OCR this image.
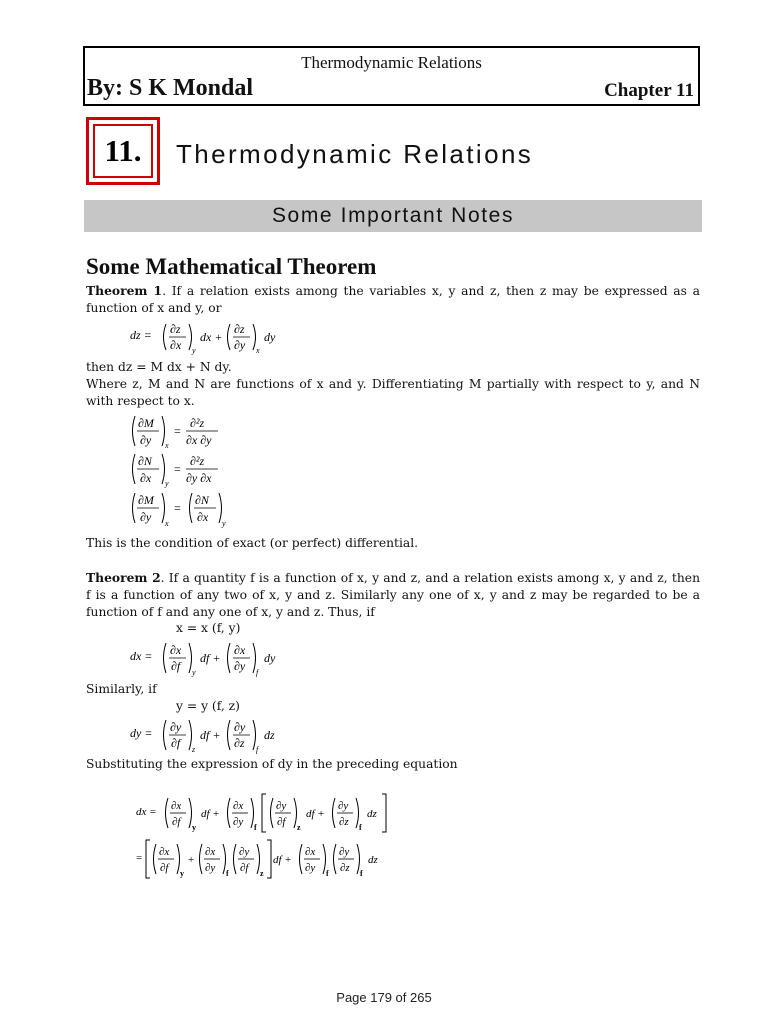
Thermodynamic Relations
By: S K Mondal	Chapter 11
11.	Thermodynamic Relations
Some Important Notes
Some Mathematical Theorem
Theorem 1. If a relation exists among the variables x, y and z, then z may be expressed as a function of x and y, or
dz = ∂z
∂x y
dx +
∂z
∂y x
dy
then dz = M dx + N dy.
Where z, M and N are functions of x and y. Differentiating M partially with respect to y, and N with respect to x.
∂M
∂y x
=
∂²z
∂x ∂y
∂N
∂x y
=
∂²z
∂y ∂x
∂M
∂y x
=
∂N
∂x y
This is the condition of exact (or perfect) differential.
Theorem 2. If a quantity f is a function of x, y and z, and a relation exists among x, y and z, then f is a function of any two of x, y and z. Similarly any one of x, y and z may be regarded to be a function of f and any one of x, y and z. Thus, if
x = x (f, y)
dx = ∂x
∂f y
df +
∂x
∂y f
dy
Similarly, if
y = y (f, z)
dy = ∂y
∂f z
df +
∂y
∂z f
dz
Substituting the expression of dy in the preceding equation
dx = ∂x
∂f y
df +
∂x
∂y f
∂y
∂f z
df +
∂y
∂z f
dz
= ∂x
∂f y
+
∂x
∂y f
∂y
∂f z
df +
∂x
∂y f
∂y
∂z f
dz
Page 179 of 265
